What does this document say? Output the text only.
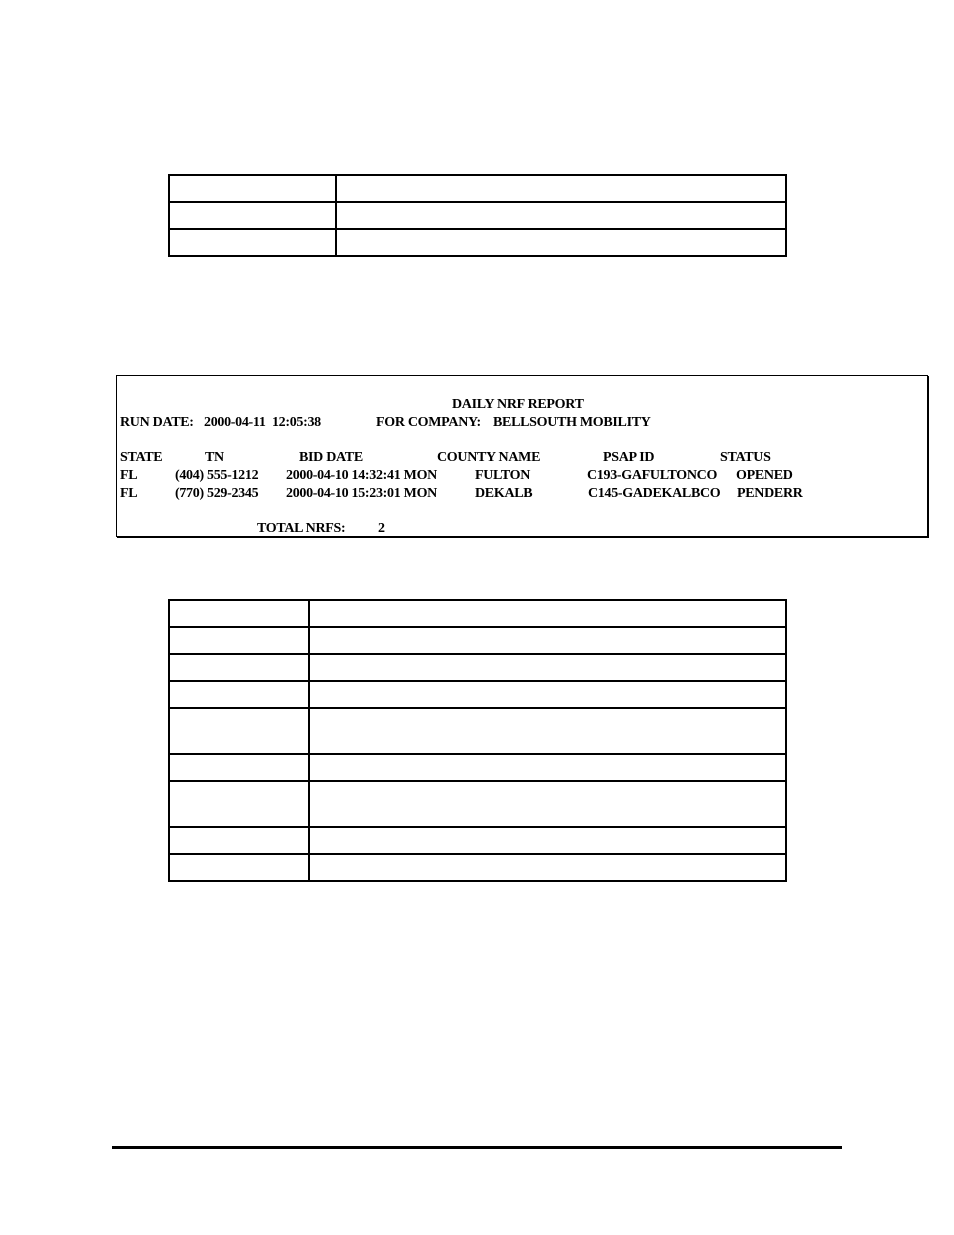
DAILY NRF REPORT
RUN DATE: 2000-04-11  12:05:38	FOR COMPANY: BELLSOUTH MOBILITY
STATE	TN	BID DATE	COUNTY NAME	PSAP ID	STATUS
FL	(404) 555-1212 2000-04-10 14:32:41 MON	FULTON	C193-GAFULTONCO OPENED
FL	(770) 529-2345 2000-04-10 15:23:01 MON	DEKALB	C145-GADEKALBCO PENDERR
TOTAL NRFS: 2
